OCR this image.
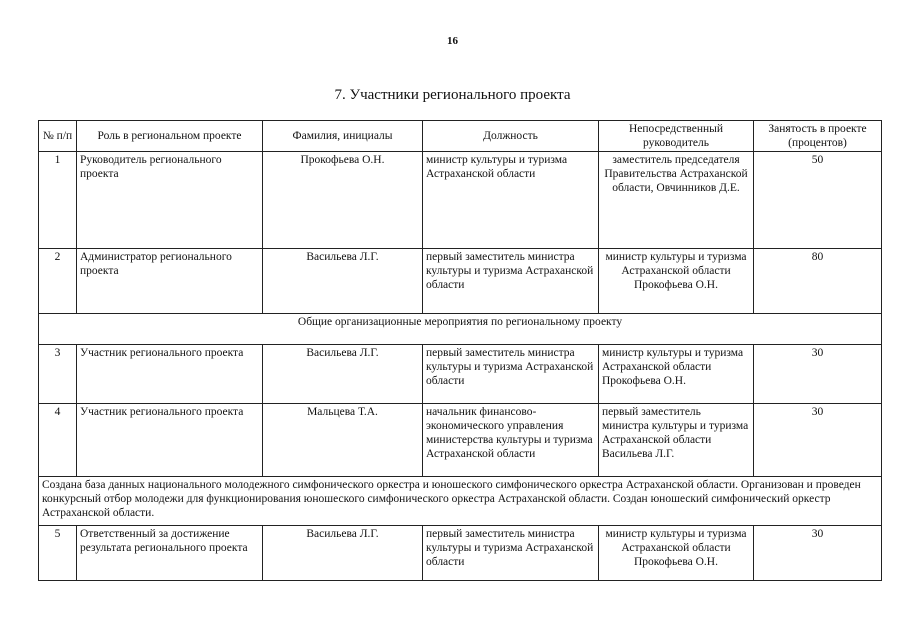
16
7. Участники регионального проекта
№ п/п	Роль в региональном проекте	Фамилия, инициалы	Должность	Непосредственный руководитель	Занятость в проекте (процентов)
1	Руководитель регионального проекта	Прокофьева О.Н.	министр культуры и туризма Астраханской области	заместитель председателя Правительства Астраханской области, Овчинников Д.Е.	50
2	Администратор регионального проекта	Васильева Л.Г.	первый заместитель министра культуры и туризма Астраханской области	министр культуры и туризма Астраханской области Прокофьева О.Н.	80
Общие организационные мероприятия по региональному проекту					
3	Участник регионального проекта	Васильева Л.Г.	первый заместитель министра культуры и туризма Астраханской области	министр культуры и туризма Астраханской области Прокофьева О.Н.	30
4	Участник регионального проекта	Мальцева Т.А.	начальник финансово-экономического управления министерства культуры и туризма Астраханской области	первый заместитель министра культуры и туризма Астраханской области Васильева Л.Г.	30
Создана база данных национального молодежного симфонического оркестра и юношеского симфонического оркестра Астраханской области. Организован и проведен конкурсный отбор молодежи для функционирования юношеского симфонического оркестра Астраханской области. Создан юношеский симфонический оркестр Астраханской области.					
5	Ответственный за достижение результата регионального проекта	Васильева Л.Г.	первый заместитель министра культуры и туризма Астраханской области	министр культуры и туризма Астраханской области Прокофьева О.Н.	30
